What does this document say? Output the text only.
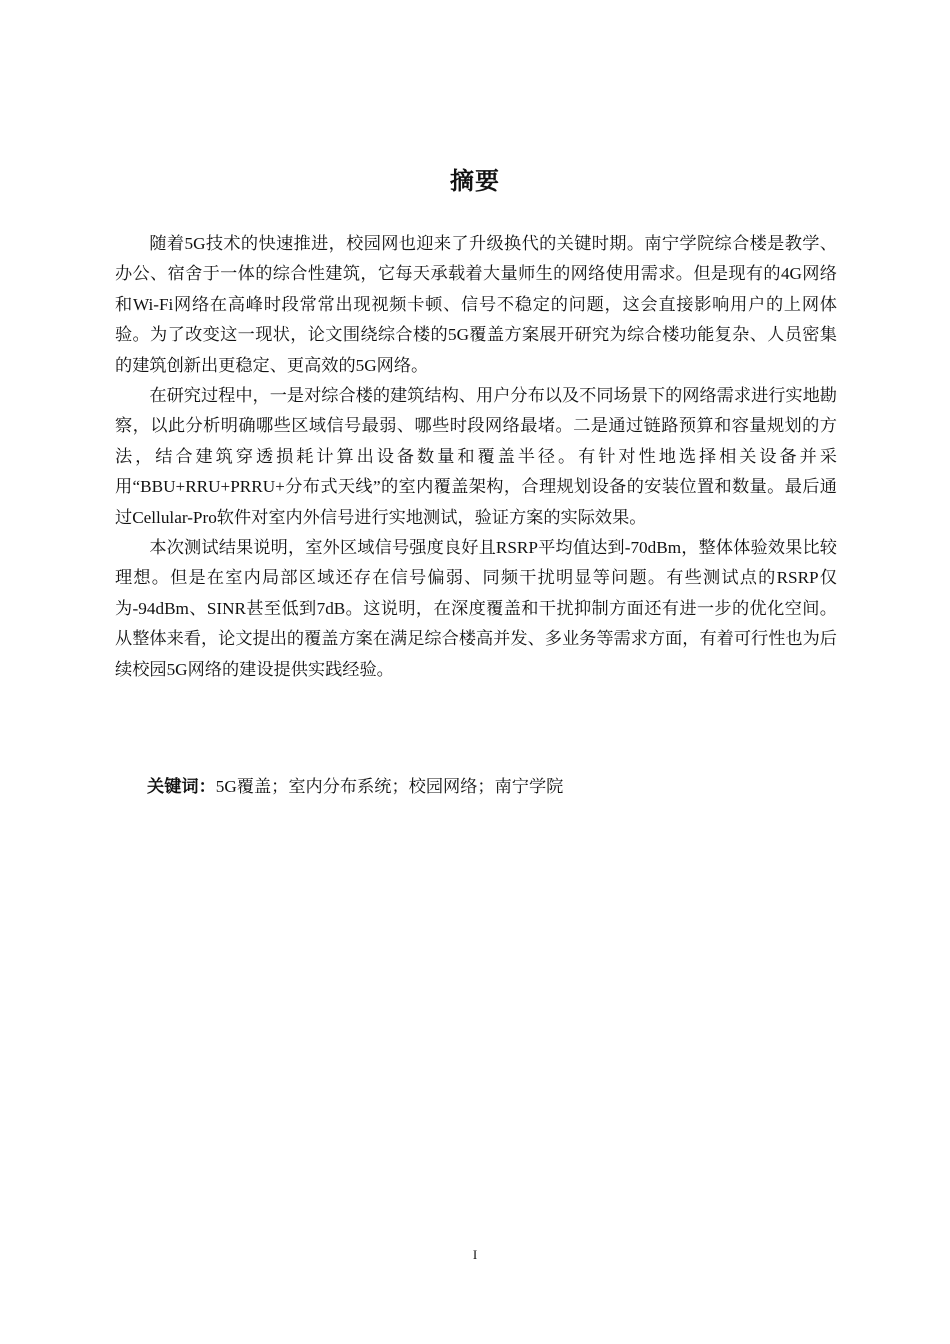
摘要

随着5G技术的快速推进，校园网也迎来了升级换代的关键时期。南宁学院综合楼是教学、办公、宿舍于一体的综合性建筑，它每天承载着大量师生的网络使用需求。但是现有的4G网络和Wi-Fi网络在高峰时段常常出现视频卡顿、信号不稳定的问题，这会直接影响用户的上网体验。为了改变这一现状，论文围绕综合楼的5G覆盖方案展开研究为综合楼功能复杂、人员密集的建筑创新出更稳定、更高效的5G网络。

在研究过程中，一是对综合楼的建筑结构、用户分布以及不同场景下的网络需求进行实地勘察，以此分析明确哪些区域信号最弱、哪些时段网络最堵。二是通过链路预算和容量规划的方法，结合建筑穿透损耗计算出设备数量和覆盖半径。有针对性地选择相关设备并采用“BBU+RRU+PRRU+分布式天线”的室内覆盖架构，合理规划设备的安装位置和数量。最后通过Cellular-Pro软件对室内外信号进行实地测试，验证方案的实际效果。

本次测试结果说明，室外区域信号强度良好且RSRP平均值达到-70dBm，整体体验效果比较理想。但是在室内局部区域还存在信号偏弱、同频干扰明显等问题。有些测试点的RSRP仅为-94dBm、SINR甚至低到7dB。这说明，在深度覆盖和干扰抑制方面还有进一步的优化空间。从整体来看，论文提出的覆盖方案在满足综合楼高并发、多业务等需求方面，有着可行性也为后续校园5G网络的建设提供实践经验。

关键词：5G覆盖；室内分布系统；校园网络；南宁学院
I
